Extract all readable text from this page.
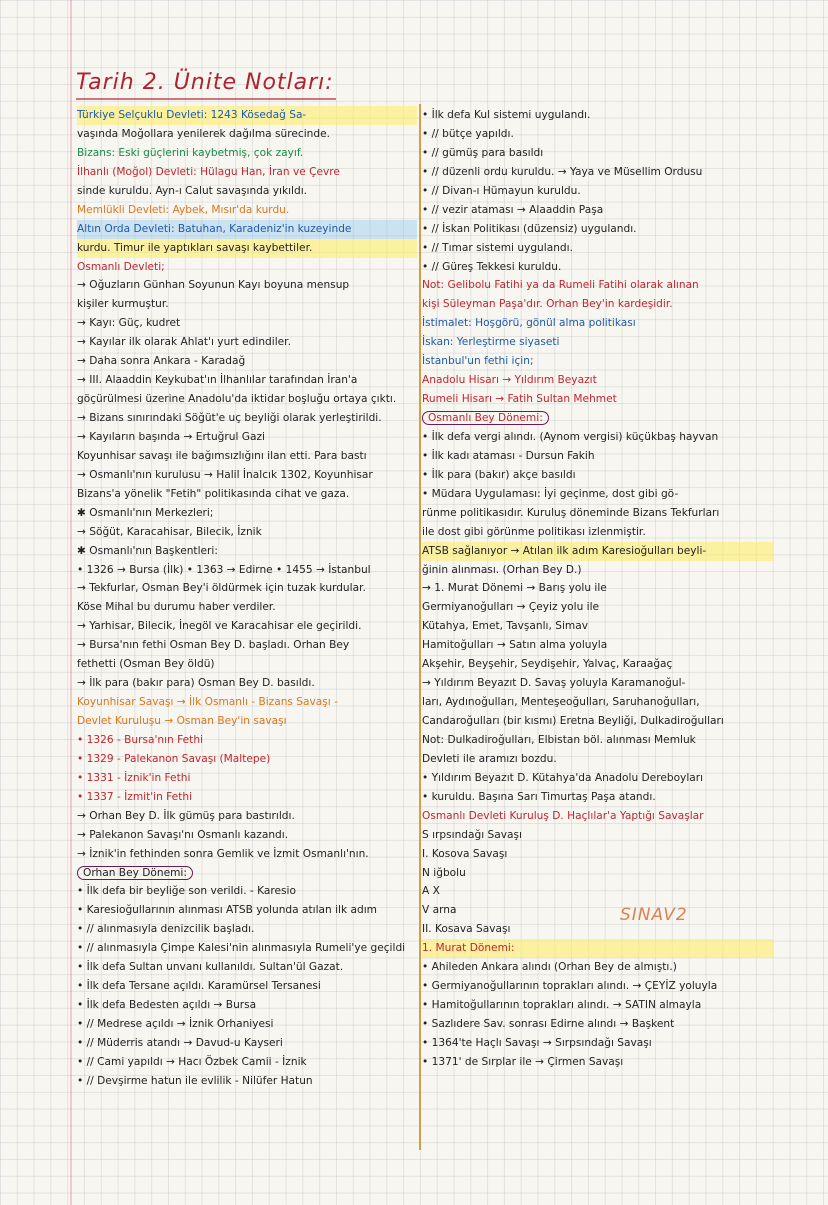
Tarih 2. Ünite Notları:
SINAV2
Türkiye Selçuklu Devleti: 1243 Kösedağ Sa-
vaşında Moğollara yenilerek dağılma sürecinde.
Bizans: Eski güçlerini kaybetmiş, çok zayıf.
İlhanlı (Moğol) Devleti: Hülagu Han, İran ve Çevre
sinde kuruldu. Ayn-ı Calut savaşında yıkıldı.
Memlükli Devleti: Aybek, Mısır'da kurdu.
Altın Orda Devleti: Batuhan, Karadeniz'in kuzeyinde
kurdu. Timur ile yaptıkları savaşı kaybettiler.
Osmanlı Devleti;
→ Oğuzların Günhan Soyunun Kayı boyuna mensup
kişiler kurmuştur.
→ Kayı: Güç, kudret
→ Kayılar ilk olarak Ahlat'ı yurt edindiler.
→ Daha sonra Ankara - Karadağ
→ III. Alaaddin Keykubat'ın İlhanlılar tarafından İran'a
göçürülmesi üzerine Anadolu'da iktidar boşluğu ortaya çıktı.
→ Bizans sınırındaki Söğüt'e uç beyliği olarak yerleştirildi.
→ Kayıların başında → Ertuğrul Gazi
Koyunhisar savaşı ile bağımsızlığını ilan etti. Para bastı
→ Osmanlı'nın kurulusu → Halil İnalcık 1302, Koyunhisar
Bizans'a yönelik "Fetih" politikasında cihat ve gaza.
✱ Osmanlı'nın Merkezleri;
→ Söğüt, Karacahisar, Bilecik, İznik
✱ Osmanlı'nın Başkentleri:
• 1326 → Bursa (İlk) • 1363 → Edirne • 1455 → İstanbul
→ Tekfurlar, Osman Bey'i öldürmek için tuzak kurdular.
Köse Mihal bu durumu haber verdiler.
→ Yarhisar, Bilecik, İnegöl ve Karacahisar ele geçirildi.
→ Bursa'nın fethi Osman Bey D. başladı. Orhan Bey
fethetti (Osman Bey öldü)
→ İlk para (bakır para) Osman Bey D. basıldı.
Koyunhisar Savaşı → İlk Osmanlı - Bizans Savaşı -
Devlet Kuruluşu → Osman Bey'in savaşı
• 1326 - Bursa'nın Fethi
• 1329 - Palekanon Savaşı (Maltepe)
• 1331 - İznik'in Fethi
• 1337 - İzmit'in Fethi
→ Orhan Bey D. İlk gümüş para bastırıldı.
→ Palekanon Savaşı'nı Osmanlı kazandı.
→ İznik'in fethinden sonra Gemlik ve İzmit Osmanlı'nın.
Orhan Bey Dönemi:
• İlk defa bir beyliğe son verildi. - Karesio
• Karesioğullarının alınması ATSB yolunda atılan ilk adım
• // alınmasıyla denizcilik başladı.
• // alınmasıyla Çimpe Kalesi'nin alınmasıyla Rumeli'ye geçildi
• İlk defa Sultan unvanı kullanıldı. Sultan'ül Gazat.
• İlk defa Tersane açıldı. Karamürsel Tersanesi
• İlk defa Bedesten açıldı → Bursa
• // Medrese açıldı → İznik Orhaniyesi
• // Müderris atandı → Davud-u Kayseri
• // Cami yapıldı → Hacı Özbek Camii - İznik
• // Devşirme hatun ile evlilik - Nilüfer Hatun
• İlk defa Kul sistemi uygulandı.
• // bütçe yapıldı.
• // gümüş para basıldı
• // düzenli ordu kuruldu. → Yaya ve Müsellim Ordusu
• // Divan-ı Hümayun kuruldu.
• // vezir ataması → Alaaddin Paşa
• // İskan Politikası (düzensiz) uygulandı.
• // Tımar sistemi uygulandı.
• // Güreş Tekkesi kuruldu.
Not: Gelibolu Fatihi ya da Rumeli Fatihi olarak alınan
kişi Süleyman Paşa'dır. Orhan Bey'in kardeşidir.
İstimalet: Hoşgörü, gönül alma politikası
İskan: Yerleştirme siyaseti
İstanbul'un fethi için;
Anadolu Hisarı → Yıldırım Beyazıt
Rumeli Hisarı → Fatih Sultan Mehmet
Osmanlı Bey Dönemi:
• İlk defa vergi alındı. (Aynom vergisi) küçükbaş hayvan
• İlk kadı ataması - Dursun Fakih
• İlk para (bakır) akçe basıldı
• Müdara Uygulaması: İyi geçinme, dost gibi gö-
rünme politikasıdır. Kuruluş döneminde Bizans Tekfurları
ile dost gibi görünme politikası izlenmiştir.
ATSB sağlanıyor → Atılan ilk adım Karesioğulları beyli-
ğinin alınması. (Orhan Bey D.)
→ 1. Murat Dönemi → Barış yolu ile
Germiyanoğulları → Çeyiz yolu ile
Kütahya, Emet, Tavşanlı, Simav
Hamitoğulları → Satın alma yoluyla
Akşehir, Beyşehir, Seydişehir, Yalvaç, Karaağaç
→ Yıldırım Beyazıt D. Savaş yoluyla Karamanoğul-
ları, Aydınoğulları, Menteşeoğulları, Saruhanoğulları,
Candaroğulları (bir kısmı) Eretna Beyliği, Dulkadiroğulları
Not: Dulkadiroğulları, Elbistan böl. alınması Memluk
Devleti ile aramızı bozdu.
• Yıldırım Beyazıt D. Kütahya'da Anadolu Dereboyları
• kuruldu. Başına Sarı Timurtaş Paşa atandı.
Osmanlı Devleti Kuruluş D. Haçlılar'a Yaptığı Savaşlar
S ırpsındağı Savaşı
I. Kosova Savaşı
N iğbolu
A X
V arna
II. Kosava Savaşı
1. Murat Dönemi:
• Ahileden Ankara alındı (Orhan Bey de almıştı.)
• Germiyanoğullarının toprakları alındı. → ÇEYİZ yoluyla
• Hamitoğullarının toprakları alındı. → SATIN almayla
• Sazlıdere Sav. sonrası Edirne alındı → Başkent
• 1364'te Haçlı Savaşı → Sırpsındağı Savaşı
• 1371' de Sırplar ile → Çirmen Savaşı
